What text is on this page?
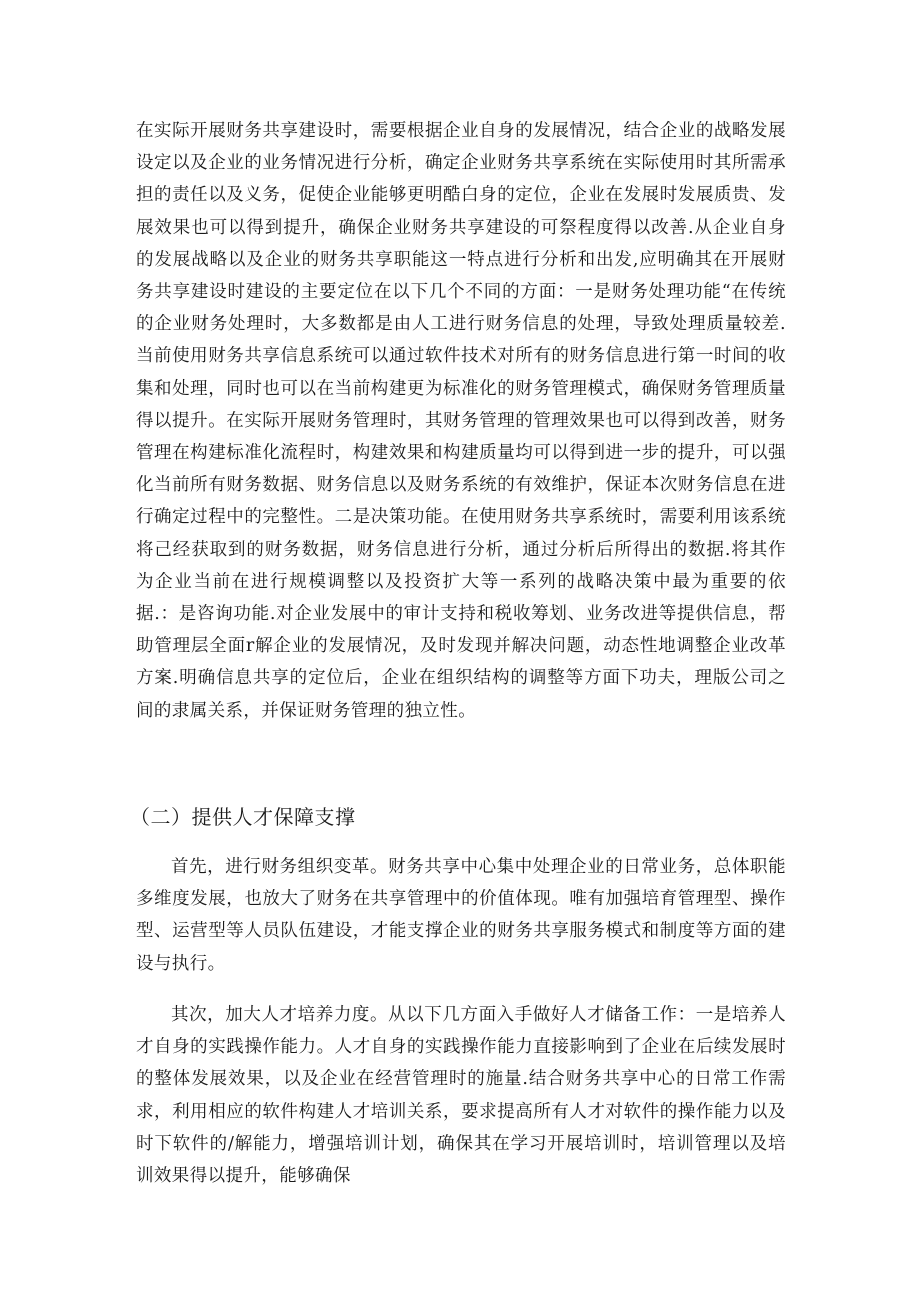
在实际开展财务共享建设时，需要根据企业自身的发展情况，结合企业的战略发展设定以及企业的业务情况进行分析，确定企业财务共享系统在实际使用时其所需承担的责任以及义务，促使企业能够更明酷白身的定位，企业在发展时发展质贵、发展效果也可以得到提升，确保企业财务共享建设的可祭程度得以改善.从企业自身的发展战略以及企业的财务共享职能这一特点进行分析和出发,应明确其在开展财务共享建设时建设的主要定位在以下几个不同的方面：一是财务处理功能“在传统的企业财务处理时，大多数都是由人工进行财务信息的处理，导致处理质量较差.当前使用财务共享信息系统可以通过软件技术对所有的财务信息进行第一时间的收集和处理，同时也可以在当前构建更为标准化的财务管理模式，确保财务管理质量得以提升。在实际开展财务管理时，其财务管理的管理效果也可以得到改善，财务管理在构建标准化流程时，构建效果和构建质量均可以得到进一步的提升，可以强化当前所有财务数据、财务信息以及财务系统的有效维护，保证本次财务信息在进行确定过程中的完整性。二是决策功能。在使用财务共享系统时，需要利用该系统将己经获取到的财务数据，财务信息进行分析，通过分析后所得出的数据.将其作为企业当前在进行规模调整以及投资扩大等一系列的战略决策中最为重要的依据.：是咨询功能.对企业发展中的审计支持和税收筹划、业务改进等提供信息，帮助管理层全面r解企业的发展情况，及时发现并解决问题，动态性地调整企业改革方案.明确信息共享的定位后，企业在组织结构的调整等方面下功夫，理版公司之间的隶属关系，并保证财务管理的独立性。

（二）提供人才保障支撑

首先，进行财务组织变革。财务共享中心集中处理企业的日常业务，总体职能多维度发展，也放大了财务在共享管理中的价值体现。唯有加强培育管理型、操作型、运营型等人员队伍建设，才能支撑企业的财务共享服务模式和制度等方面的建设与执行。

其次，加大人才培养力度。从以下几方面入手做好人才储备工作：一是培养人才自身的实践操作能力。人才自身的实践操作能力直接影响到了企业在后续发展时的整体发展效果，以及企业在经营管理时的施量.结合财务共享中心的日常工作需求，利用相应的软件构建人才培训关系，要求提高所有人才对软件的操作能力以及时下软件的/解能力，增强培训计划，确保其在学习开展培训时，培训管理以及培训效果得以提升，能够确保
